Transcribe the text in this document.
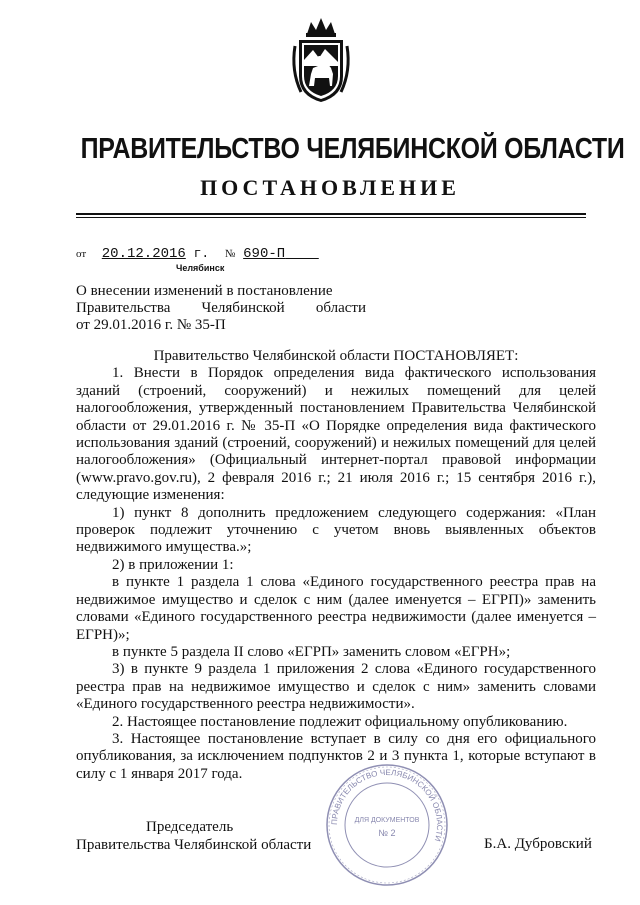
ПРАВИТЕЛЬСТВО ЧЕЛЯБИНСКОЙ ОБЛАСТИ
ПОСТАНОВЛЕНИЕ
от 20.12.2016 г. № 690-П
Челябинск
О внесении изменений в постановление
Правительства Челябинской области
от 29.01.2016 г. № 35-П

Правительство Челябинской области ПОСТАНОВЛЯЕТ:

1. Внести в Порядок определения вида фактического использования зданий (строений, сооружений) и нежилых помещений для целей налогообложения, утвержденный постановлением Правительства Челябинской области от 29.01.2016 г. № 35-П «О Порядке определения вида фактического использования зданий (строений, сооружений) и нежилых помещений для целей налогообложения» (Официальный интернет-портал правовой информации (www.pravo.gov.ru), 2 февраля 2016 г.; 21 июля 2016 г.; 15 сентября 2016 г.), следующие изменения:

1) пункт 8 дополнить предложением следующего содержания: «План проверок подлежит уточнению с учетом вновь выявленных объектов недвижимого имущества.»;

2) в приложении 1:

в пункте 1 раздела 1 слова «Единого государственного реестра прав на недвижимое имущество и сделок с ним (далее именуется – ЕГРП)» заменить словами «Единого государственного реестра недвижимости (далее именуется – ЕГРН)»;

в пункте 5 раздела II слово «ЕГРП» заменить словом «ЕГРН»;

3) в пункте 9 раздела 1 приложения 2 слова «Единого государственного реестра прав на недвижимое имущество и сделок с ним» заменить словами «Единого государственного реестра недвижимости».

2. Настоящее постановление подлежит официальному опубликованию.

3. Настоящее постановление вступает в силу со дня его официального опубликования, за исключением подпунктов 2 и 3 пункта 1, которые вступают в силу с 1 января 2017 года.

Председатель
Правительства Челябинской области	Б.А. Дубровский
ПРАВИТЕЛЬСТВО ЧЕЛЯБИНСКОЙ ОБЛАСТИ
ДЛЯ ДОКУМЕНТОВ
№ 2
